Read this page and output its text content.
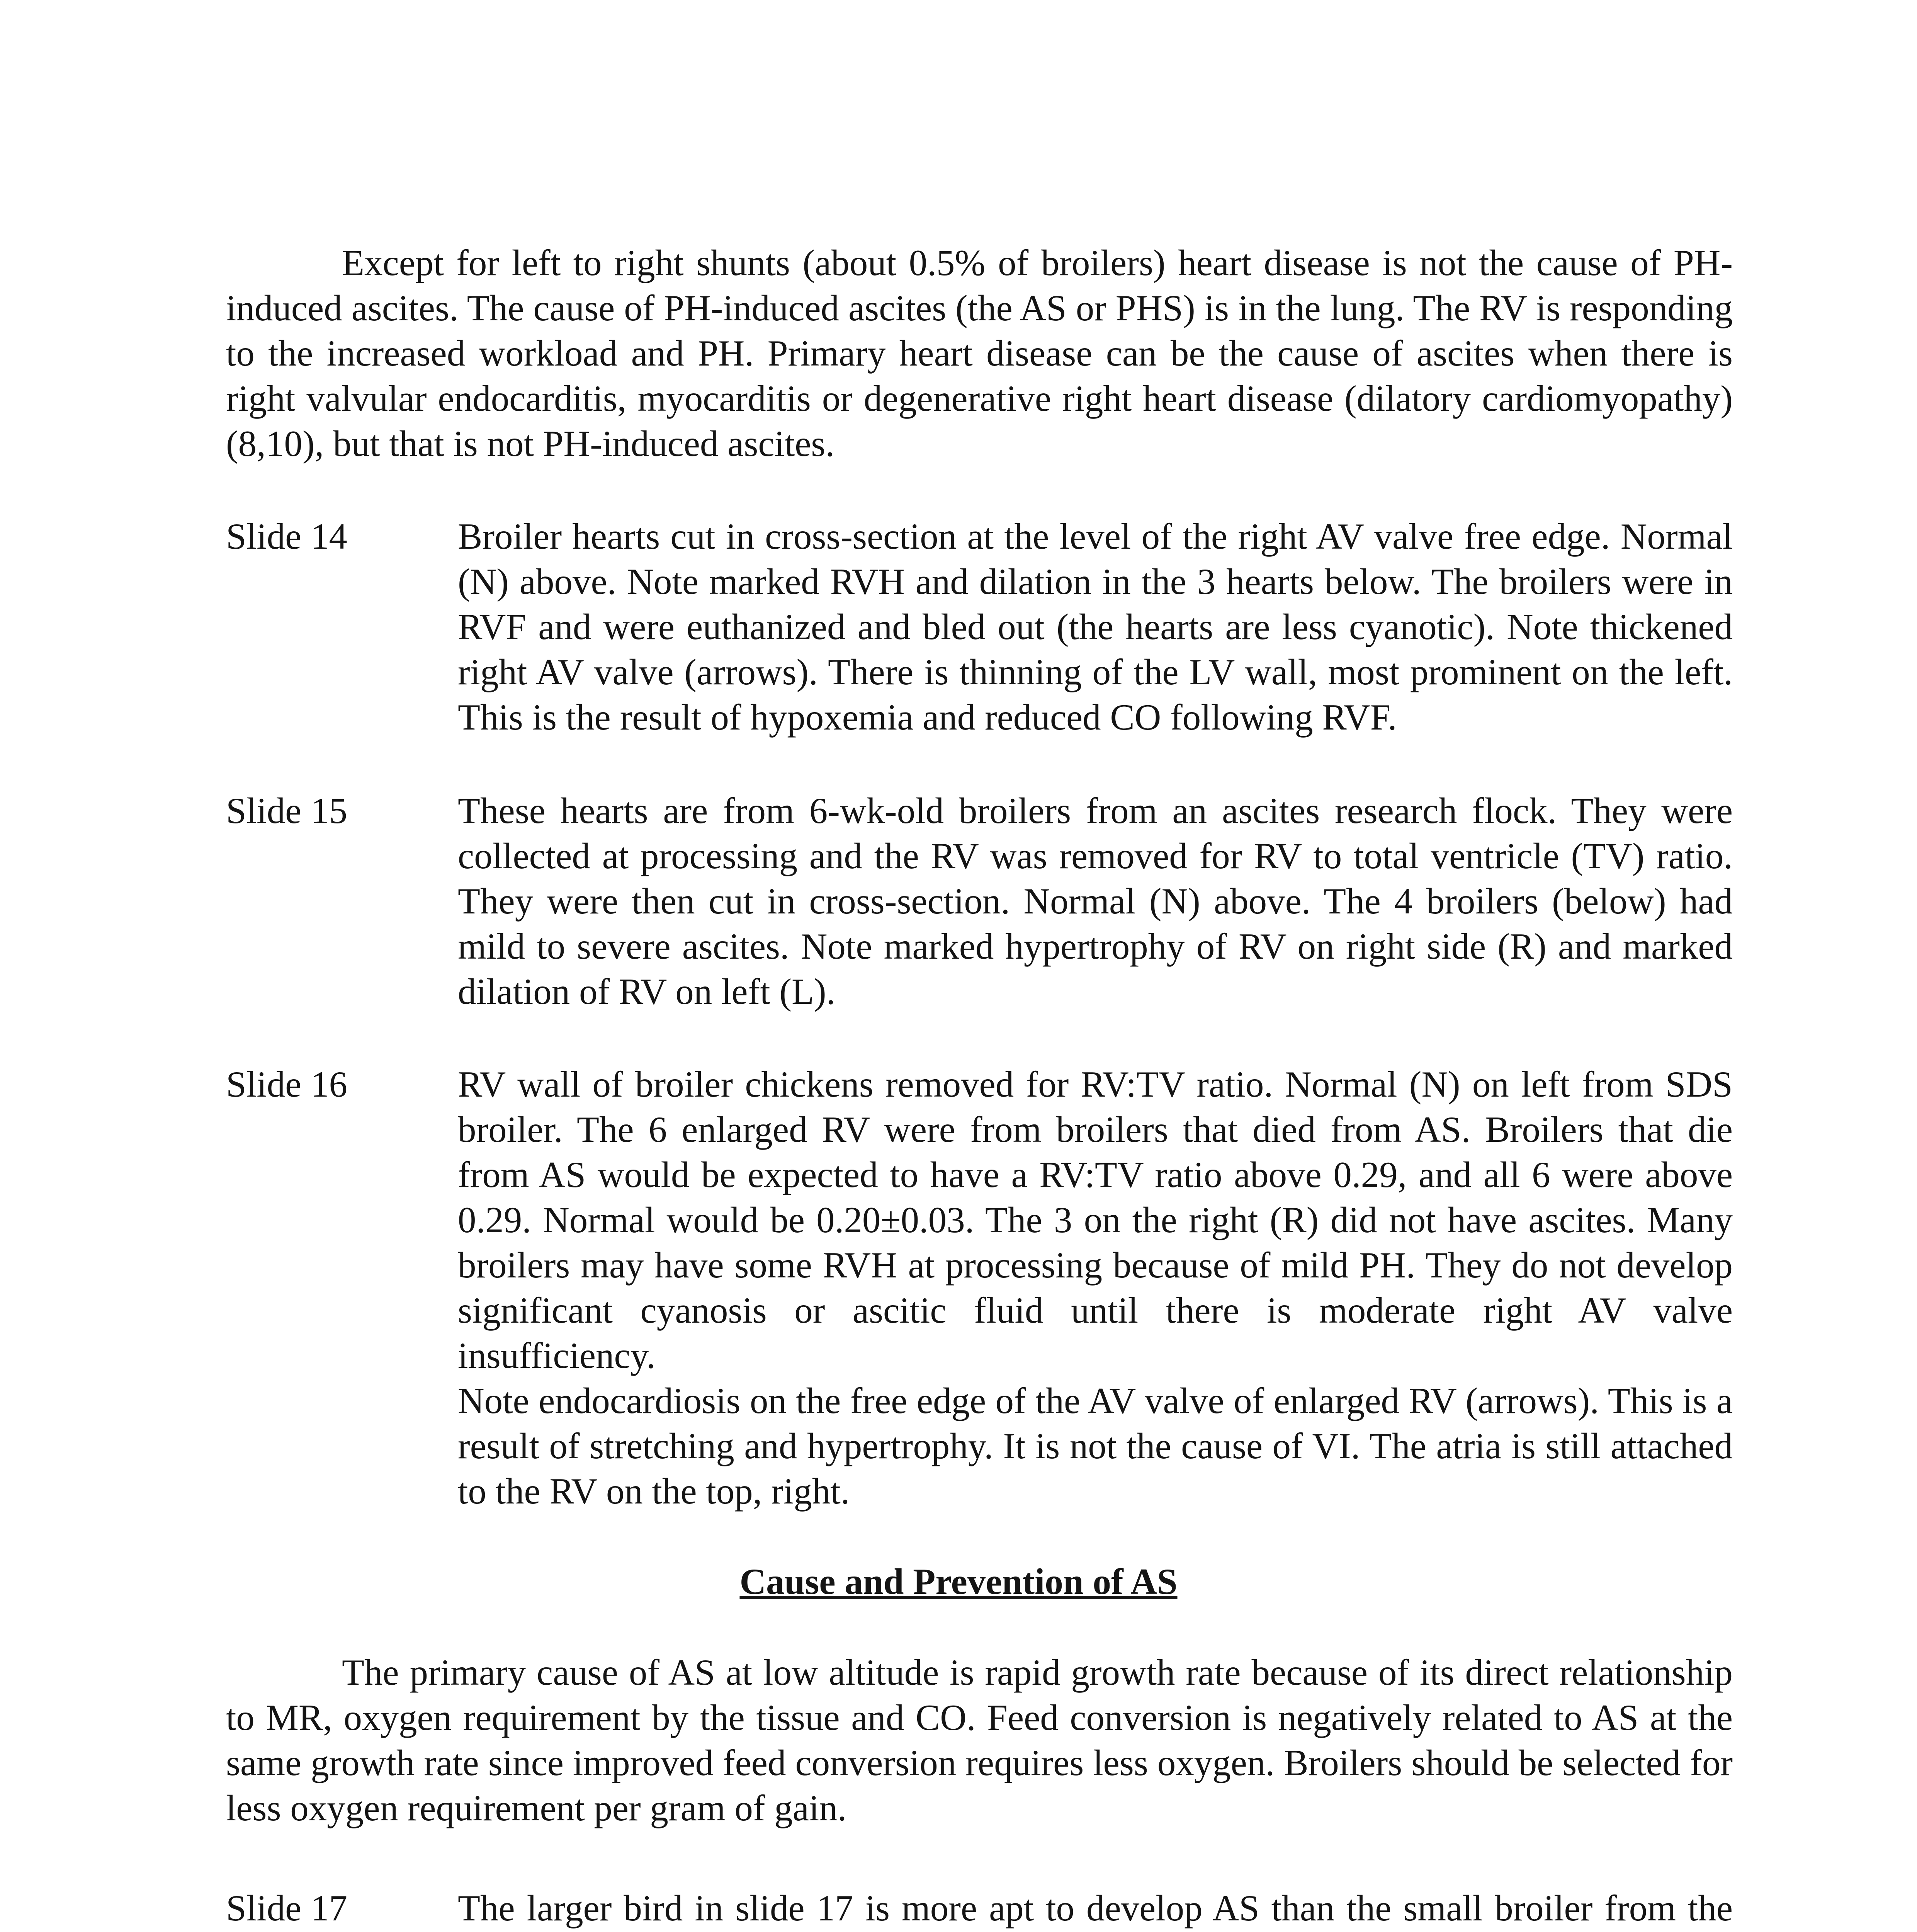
Except for left to right shunts (about 0.5% of broilers) heart disease is not the cause of PH-induced ascites. The cause of PH-induced ascites (the AS or PHS) is in the lung. The RV is responding to the increased workload and PH. Primary heart disease can be the cause of ascites when there is right valvular endocarditis, myocarditis or degenerative right heart disease (dilatory cardiomyopathy) (8,10), but that is not PH-induced ascites.

Slide 14	Broiler hearts cut in cross-section at the level of the right AV valve free edge. Normal (N) above. Note marked RVH and dilation in the 3 hearts below. The broilers were in RVF and were euthanized and bled out (the hearts are less cyanotic). Note thickened right AV valve (arrows). There is thinning of the LV wall, most prominent on the left. This is the result of hypoxemia and reduced CO following RVF.

Slide 15	These hearts are from 6-wk-old broilers from an ascites research flock. They were collected at processing and the RV was removed for RV to total ventricle (TV) ratio. They were then cut in cross-section. Normal (N) above. The 4 broilers (below) had mild to severe ascites. Note marked hypertrophy of RV on right side (R) and marked dilation of RV on left (L).

Slide 16	RV wall of broiler chickens removed for RV:TV ratio. Normal (N) on left from SDS broiler. The 6 enlarged RV were from broilers that died from AS. Broilers that die from AS would be expected to have a RV:TV ratio above 0.29, and all 6 were above 0.29. Normal would be 0.20±0.03. The 3 on the right (R) did not have ascites. Many broilers may have some RVH at processing because of mild PH. They do not develop significant cyanosis or ascitic fluid until there is moderate right AV valve insufficiency.

Note endocardiosis on the free edge of the AV valve of enlarged RV (arrows). This is a result of stretching and hypertrophy. It is not the cause of VI. The atria is still attached to the RV on the top, right.

Cause and Prevention of AS

The primary cause of AS at low altitude is rapid growth rate because of its direct relationship to MR, oxygen requirement by the tissue and CO. Feed conversion is negatively related to AS at the same growth rate since improved feed conversion requires less oxygen. Broilers should be selected for less oxygen requirement per gram of gain.

Slide 17	The larger bird in slide 17 is more apt to develop AS than the small broiler from the
